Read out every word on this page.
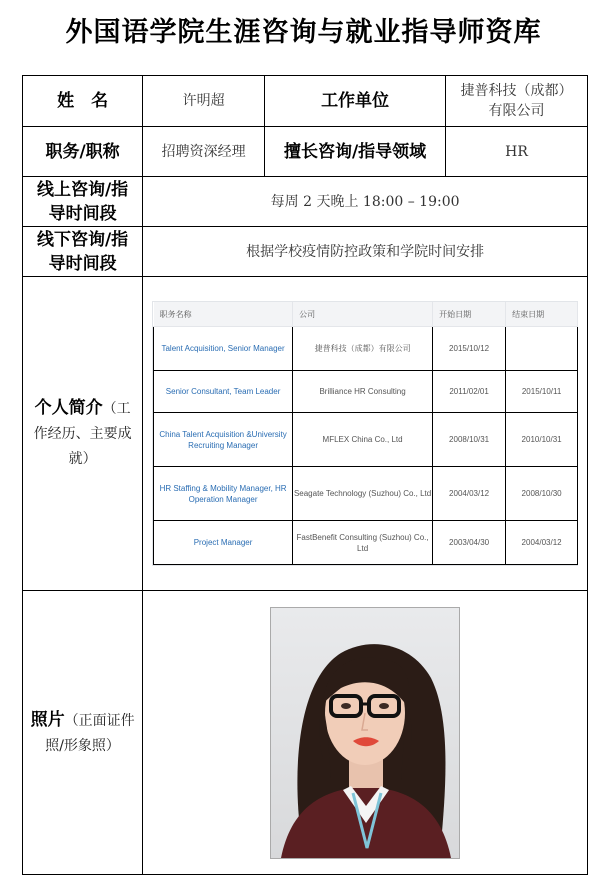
外国语学院生涯咨询与就业指导师资库
姓　名	许明超	工作单位	捷普科技（成都）有限公司
职务/职称	招聘资深经理	擅长咨询/指导领域	HR
线上咨询/指导时间段	每周 2 天晚上 18:00 – 19:00
线下咨询/指导时间段	根据学校疫情防控政策和学院时间安排
个人简介（工作经历、主要成就）	
职务名称	公司	开始日期	结束日期
Talent Acquisition, Senior Manager	捷普科技（成都）有限公司	2015/10/12	
Senior Consultant, Team Leader	Brilliance HR Consulting	2011/02/01	2015/10/11
China Talent Acquisition &University Recruiting Manager	MFLEX China Co., Ltd	2008/10/31	2010/10/31
HR Staffing & Mobility Manager, HR Operation Manager	Seagate Technology (Suzhou) Co., Ltd	2004/03/12	2008/10/30
Project Manager	FastBenefit Consulting (Suzhou) Co., Ltd	2003/04/30	2004/03/12

照片（正面证件照/形象照）	
